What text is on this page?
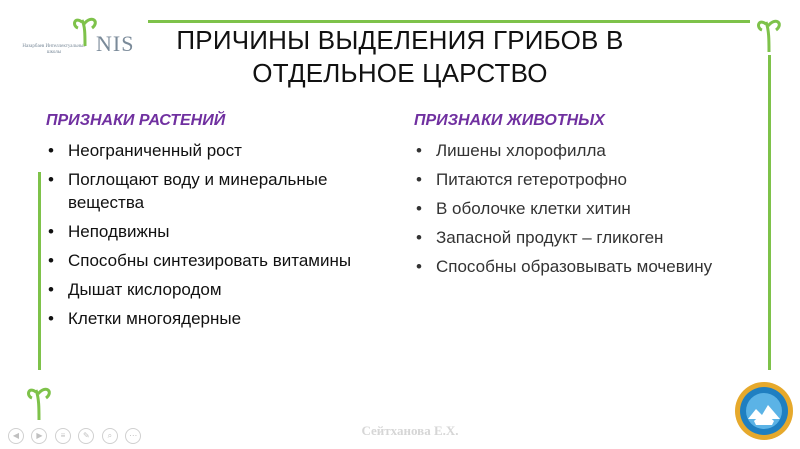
Назарбаев Интеллектуальные школы	NIS	ПРИЧИНЫ ВЫДЕЛЕНИЯ ГРИБОВ В
ОТДЕЛЬНОЕ ЦАРСТВО
ПРИЗНАКИ РАСТЕНИЙ
• Неограниченный рост
• Поглощают воду и минеральные вещества
• Неподвижны
• Способны синтезировать витамины
• Дышат кислородом
• Клетки многоядерные
ПРИЗНАКИ ЖИВОТНЫХ
• Лишены хлорофилла
• Питаются гетеротрофно
• В оболочке клетки хитин
• Запасной продукт – гликоген
• Способны образовывать мочевину
◀ ▶ ≡ ✎ ⌕ ⋯	Сейтханова Е.Х.
